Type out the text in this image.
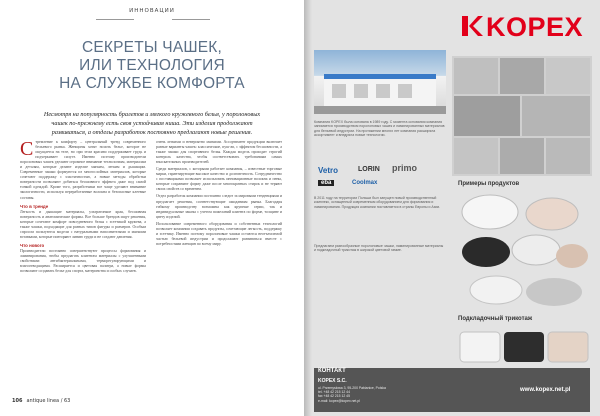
ИННОВАЦИИ
СЕКРЕТЫ ЧАШЕК,
ИЛИ ТЕХНОЛОГИЯ
НА СЛУЖБЕ КОМФОРТА
Несмотря на популярность бралетов и мягкого кружевного белья, у поролоновых чашек по-прежнему есть своя устойчивая ниша. Эти изделия продолжают развиваться, а отделы разработок постоянно предлагают новые решения.

Стремление к комфорту – центральный тренд современного бельевого рынка. Женщины хотят носить белье, которое не ощущается на теле, но при этом красиво поддерживает грудь и подчеркивает силуэт. Именно поэтому производители поролоновых чашек уделяют огромное внимание технологиям, материалам и деталям, которые делают изделие мягким, легким и дышащим. Современные чашки формуются из многослойных материалов, которые сочетают поддержку с эластичностью, а новые методы обработки поверхности позволяют добиться бесшовного эффекта даже под самой тонкой одеждой. Кроме того, разработчики все чаще уделяют внимание экологичности, используя переработанные волокна и безопасные клеевые составы.

Что в тренде

Легкость и дышащие материалы, ультратонкие края, бесшовная поверхность и анатомические формы. Все больше брендов ищут решения, которые сочетают комфорт повседневного белья с эстетикой кружева, а также чашки, подходящие для разных типов фигуры и размеров. Особым спросом пользуются модели с натуральными наполнителями и мягкими вставками, которые повторяют линию груди и не создают давления.

Что нового

Производители постоянно совершенствуют процессы формования и ламинирования, чтобы предлагать клиентам материалы с улучшенными свойствами: антибактериальными, терморегулирующими и влагоотводящими. Расширяется и цветовая палитра, а новые формы позволяют создавать белье для спорта, материнства и особых случаев.

очень легкими и невероятно мягкими. Ассортимент продукции включает разные варианты чашек: классические, пуш-ап, с эффектом бесшовности, а также чашки для спортивного белья. Каждая модель проходит строгий контроль качества, чтобы соответствовать требованиям самых взыскательных производителей.

Среди материалов, с которыми работает компания, – известные торговые марки, гарантирующие высокое качество и долговечность. Сотрудничество с поставщиками позволяет использовать инновационные волокна и пены, которые сохраняют форму даже после многократных стирок и не теряют своих свойств со временем.

Отдел разработок компании постоянно следит за мировыми тенденциями и предлагает решения, соответствующие ожиданиям рынка. Благодаря гибкому производству возможны как крупные серии, так и индивидуальные заказы с учетом пожеланий клиента по форме, толщине и цвету изделий.

Использование современного оборудования и собственных технологий позволяет компании создавать продукты, сочетающие легкость, поддержку и эстетику. Именно поэтому поролоновые чашки остаются неотъемлемой частью бельевой индустрии и продолжают развиваться вместе с потребностями женщин по всему миру.

106 antique linea / 63
KOPEX
Компания KOPEX была основана в 1989 году. С момента основания компания занимается производством поролоновых чашек и ламинированных материалов для бельевой индустрии. На протяжении многих лет компания расширяла ассортимент и внедряла новые технологии.
Vetro	LORIN primo
eba	Coolmax
В 2011 году на территории Польши был запущен новый производственный комплекс, оснащенный современным оборудованием для формования и ламинирования. Продукция компании поставляется в страны Европы и Азии.
Предлагаем разнообразные поролоновые чашки, ламинированные материалы и подкладочный трикотаж в широкой цветовой гамме.
Примеры продуктов
Подкладочный трикотаж
КОНТАКТ
KOPEX S.C.
ul. Przemysłowa 3, 95-200 Pabianice, Polska
tel. +48 42 215 12 44
fax +48 42 215 12 45
e-mail: kopex@kopex.net.pl
www.kopex.net.pl
